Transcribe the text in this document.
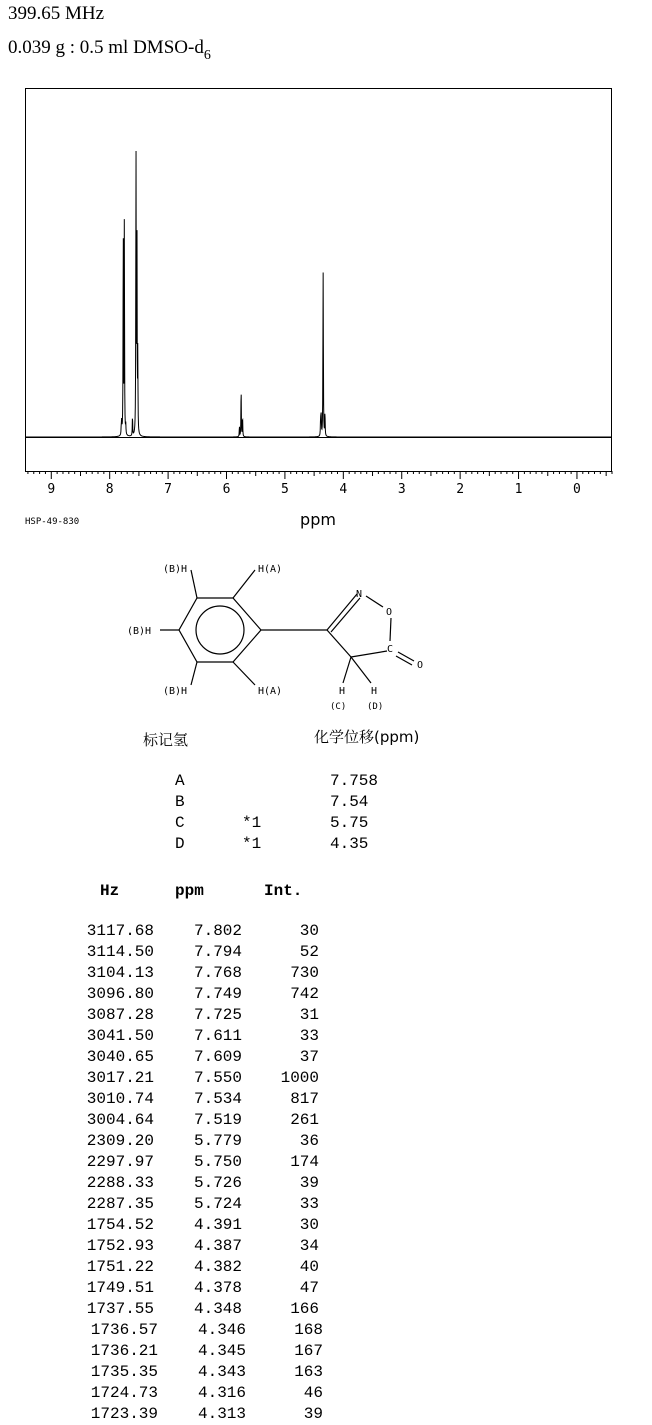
399.65 MHz
0.039 g : 0.5 ml DMSO-$d_6$
9	8	7	6	5	4	3	2	1	0
ppm
HSP-49-830
H(A)
(B)H
(B)H
(B)H	H(A)
N
O
C
O
H	H
(C) (D)
标记氢	化学位移(ppm)
A	7.758
B	7.54
C	*1	5.75
D	*1	4.35
Hz	ppm	Int.
3117.68	7.802	30
3114.50	7.794	52
3104.13	7.768	730
3096.80	7.749	742
3087.28	7.725	31
3041.50	7.611	33
3040.65	7.609	37
3017.21	7.550	1000
3010.74	7.534	817
3004.64	7.519	261
2309.20	5.779	36
2297.97	5.750	174
2288.33	5.726	39
2287.35	5.724	33
1754.52	4.391	30
1752.93	4.387	34
1751.22	4.382	40
1749.51	4.378	47
1737.55	4.348	166
1736.57	4.346	168
1736.21	4.345	167
1735.35	4.343	163
1724.73	4.316	46
1723.39	4.313	39
